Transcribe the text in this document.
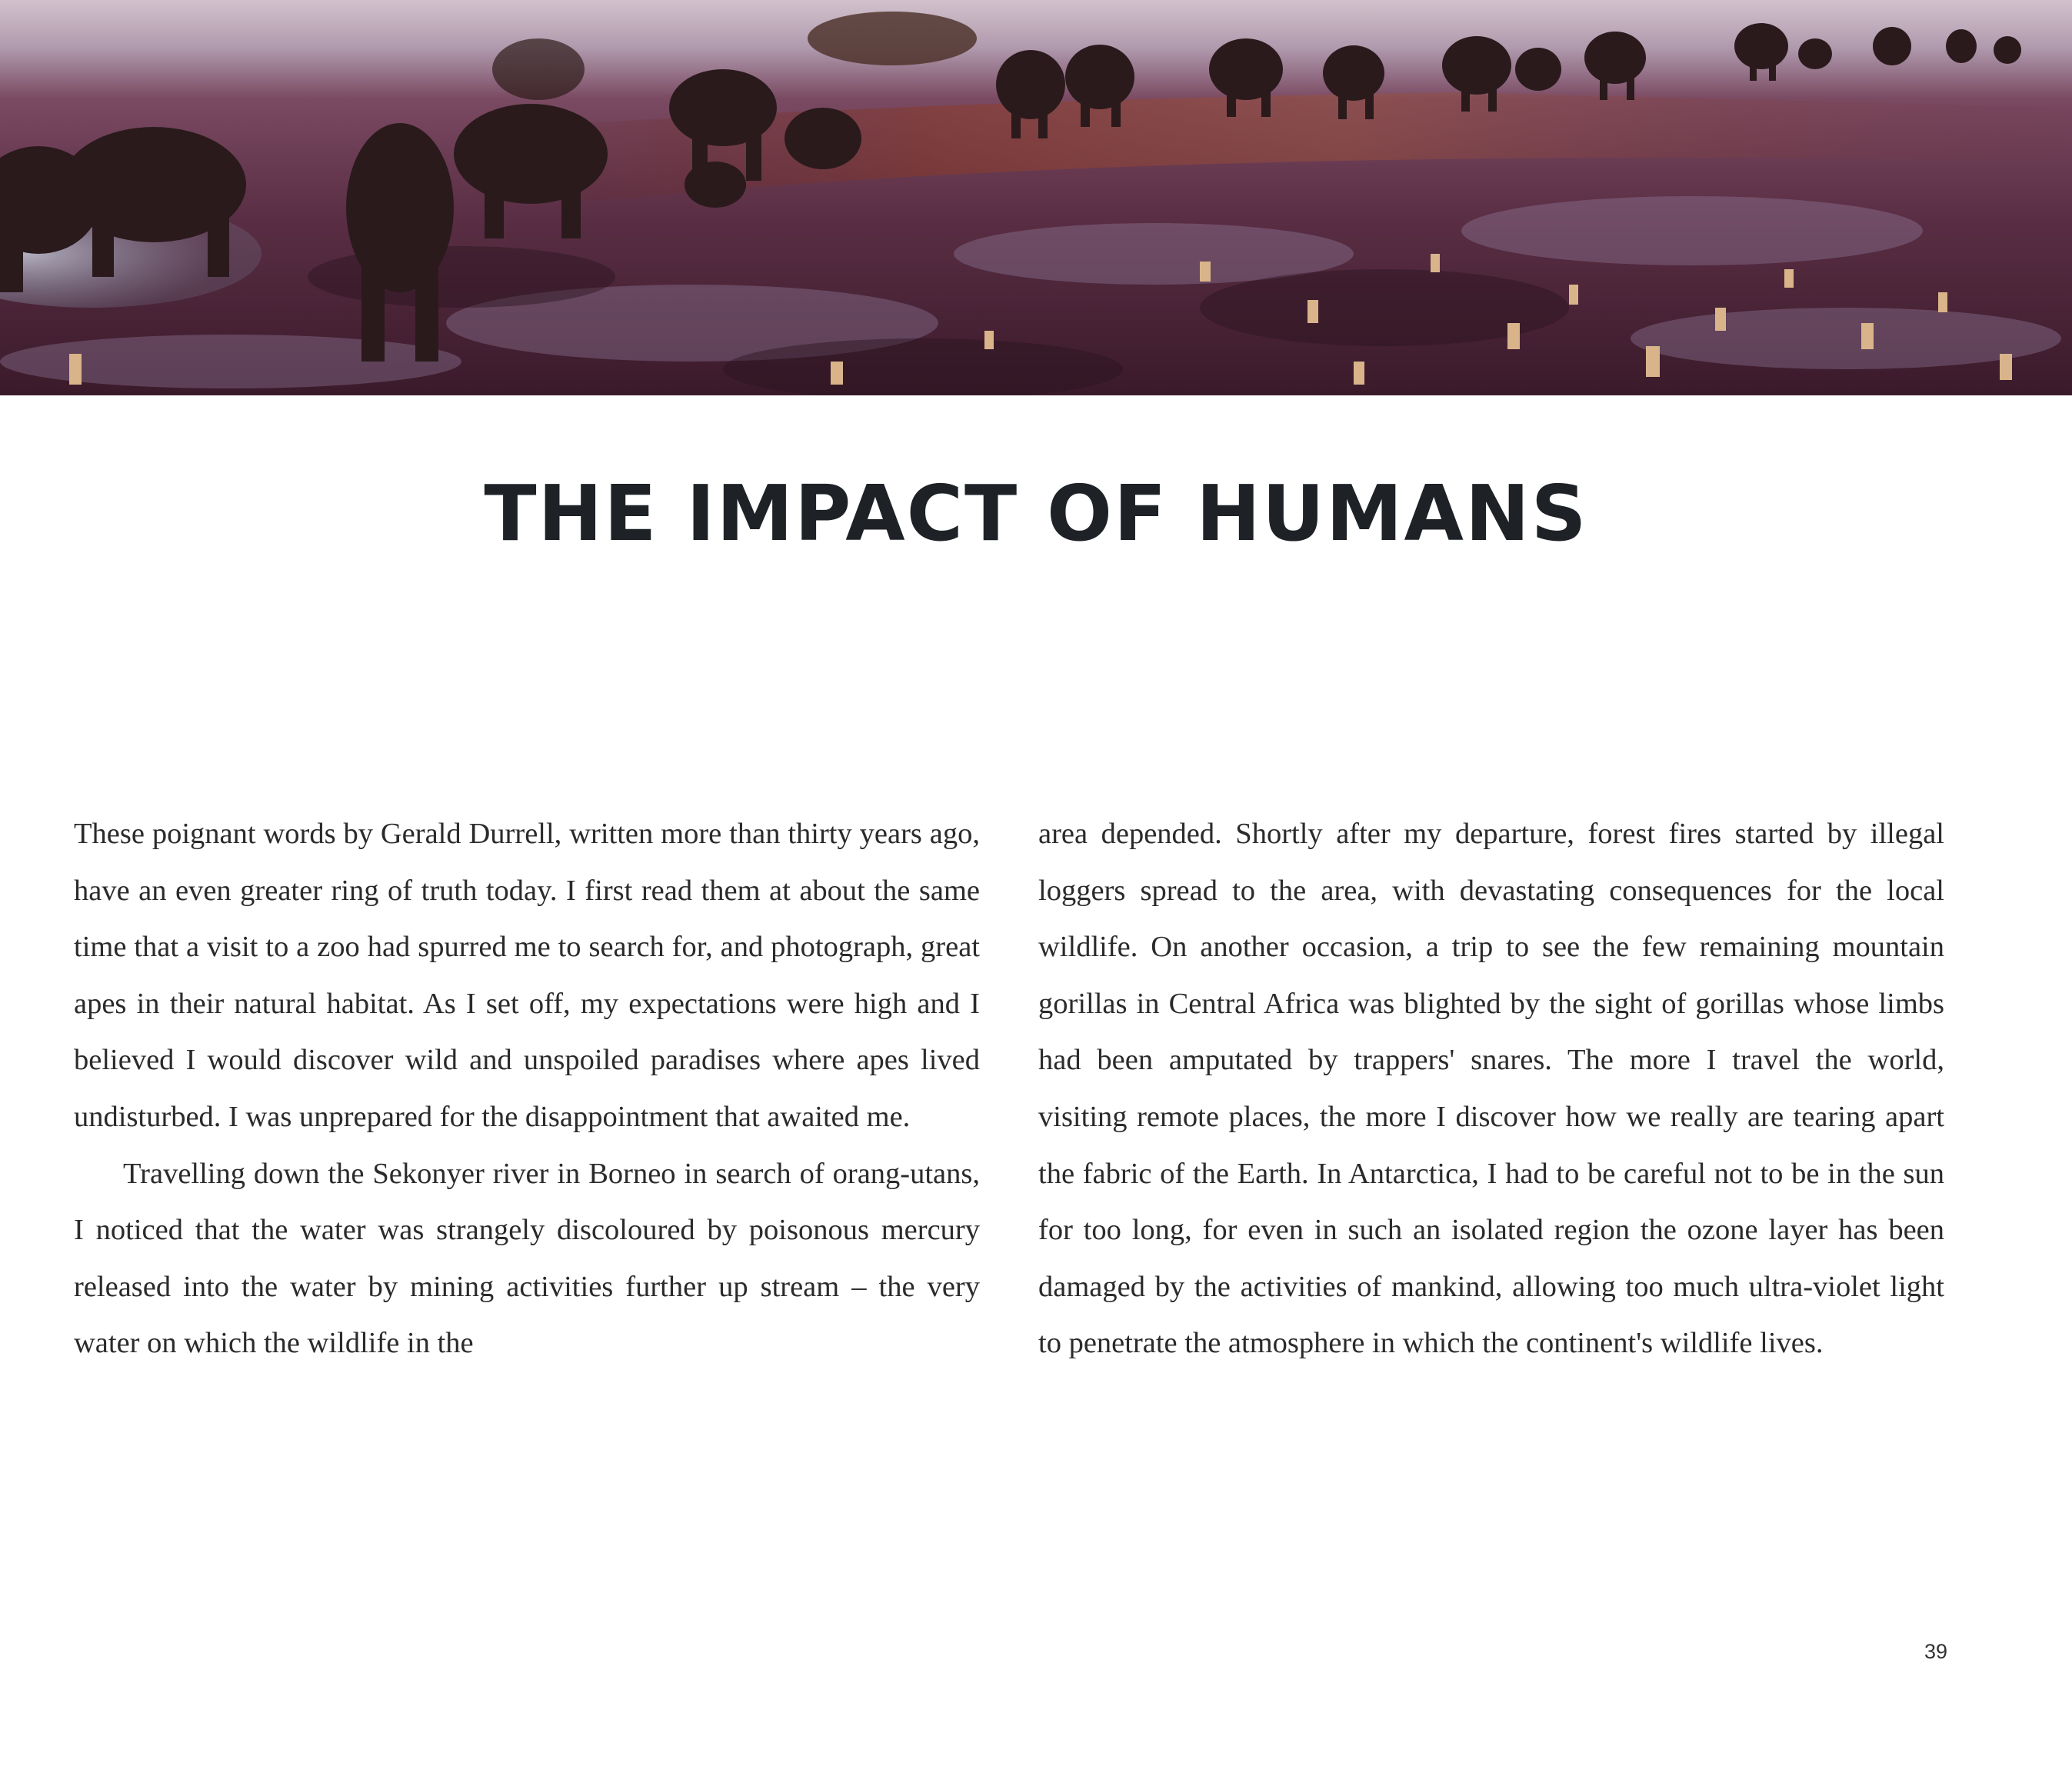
THE IMPACT OF HUMANS

These poignant words by Gerald Durrell, written more than thirty years ago, have an even greater ring of truth today. I first read them at about the same time that a visit to a zoo had spurred me to search for, and photograph, great apes in their natural habitat. As I set off, my expectations were high and I believed I would discover wild and unspoiled paradises where apes lived undisturbed. I was unprepared for the disappointment that awaited me.

Travelling down the Sekonyer river in Borneo in search of orang-utans, I noticed that the water was strangely discoloured by poisonous mercury released into the water by mining activities further up stream – the very water on which the wildlife in the

area depended. Shortly after my departure, forest fires started by illegal loggers spread to the area, with devastating consequences for the local wildlife. On another occasion, a trip to see the few remaining mountain gorillas in Central Africa was blighted by the sight of gorillas whose limbs had been amputated by trappers' snares. The more I travel the world, visiting remote places, the more I discover how we really are tearing apart the fabric of the Earth. In Antarctica, I had to be careful not to be in the sun for too long, for even in such an isolated region the ozone layer has been damaged by the activities of mankind, allowing too much ultra-violet light to penetrate the atmosphere in which the continent's wildlife lives.

39
